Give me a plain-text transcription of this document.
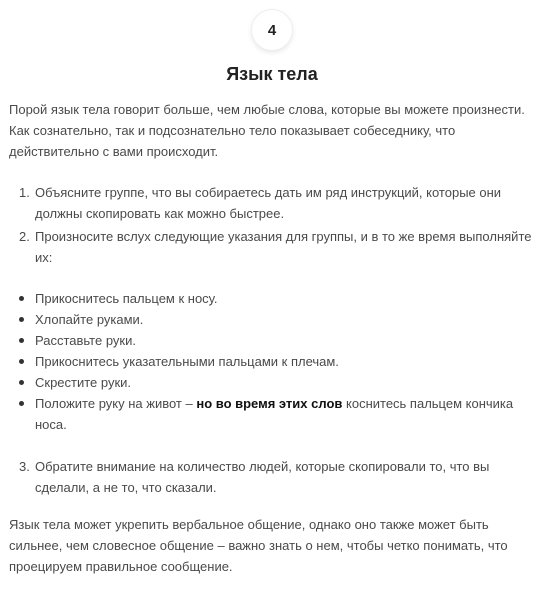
4
Язык тела

Порой язык тела говорит больше, чем любые слова, которые вы можете произнести. Как сознательно, так и подсознательно тело показывает собеседнику, что действительно с вами происходит.

1. Объясните группе, что вы собираетесь дать им ряд инструкций, которые они должны скопировать как можно быстрее.
2. Произносите вслух следующие указания для группы, и в то же время выполняйте их:
Прикоснитесь пальцем к носу.
Хлопайте руками.
Расставьте руки.
Прикоснитесь указательными пальцами к плечам.
Скрестите руки.
Положите руку на живот – но во время этих слов коснитесь пальцем кончика носа.
3. Обратите внимание на количество людей, которые скопировали то, что вы сделали, а не то, что сказали.

Язык тела может укрепить вербальное общение, однако оно также может быть сильнее, чем словесное общение – важно знать о нем, чтобы четко понимать, что проецируем правильное сообщение.
